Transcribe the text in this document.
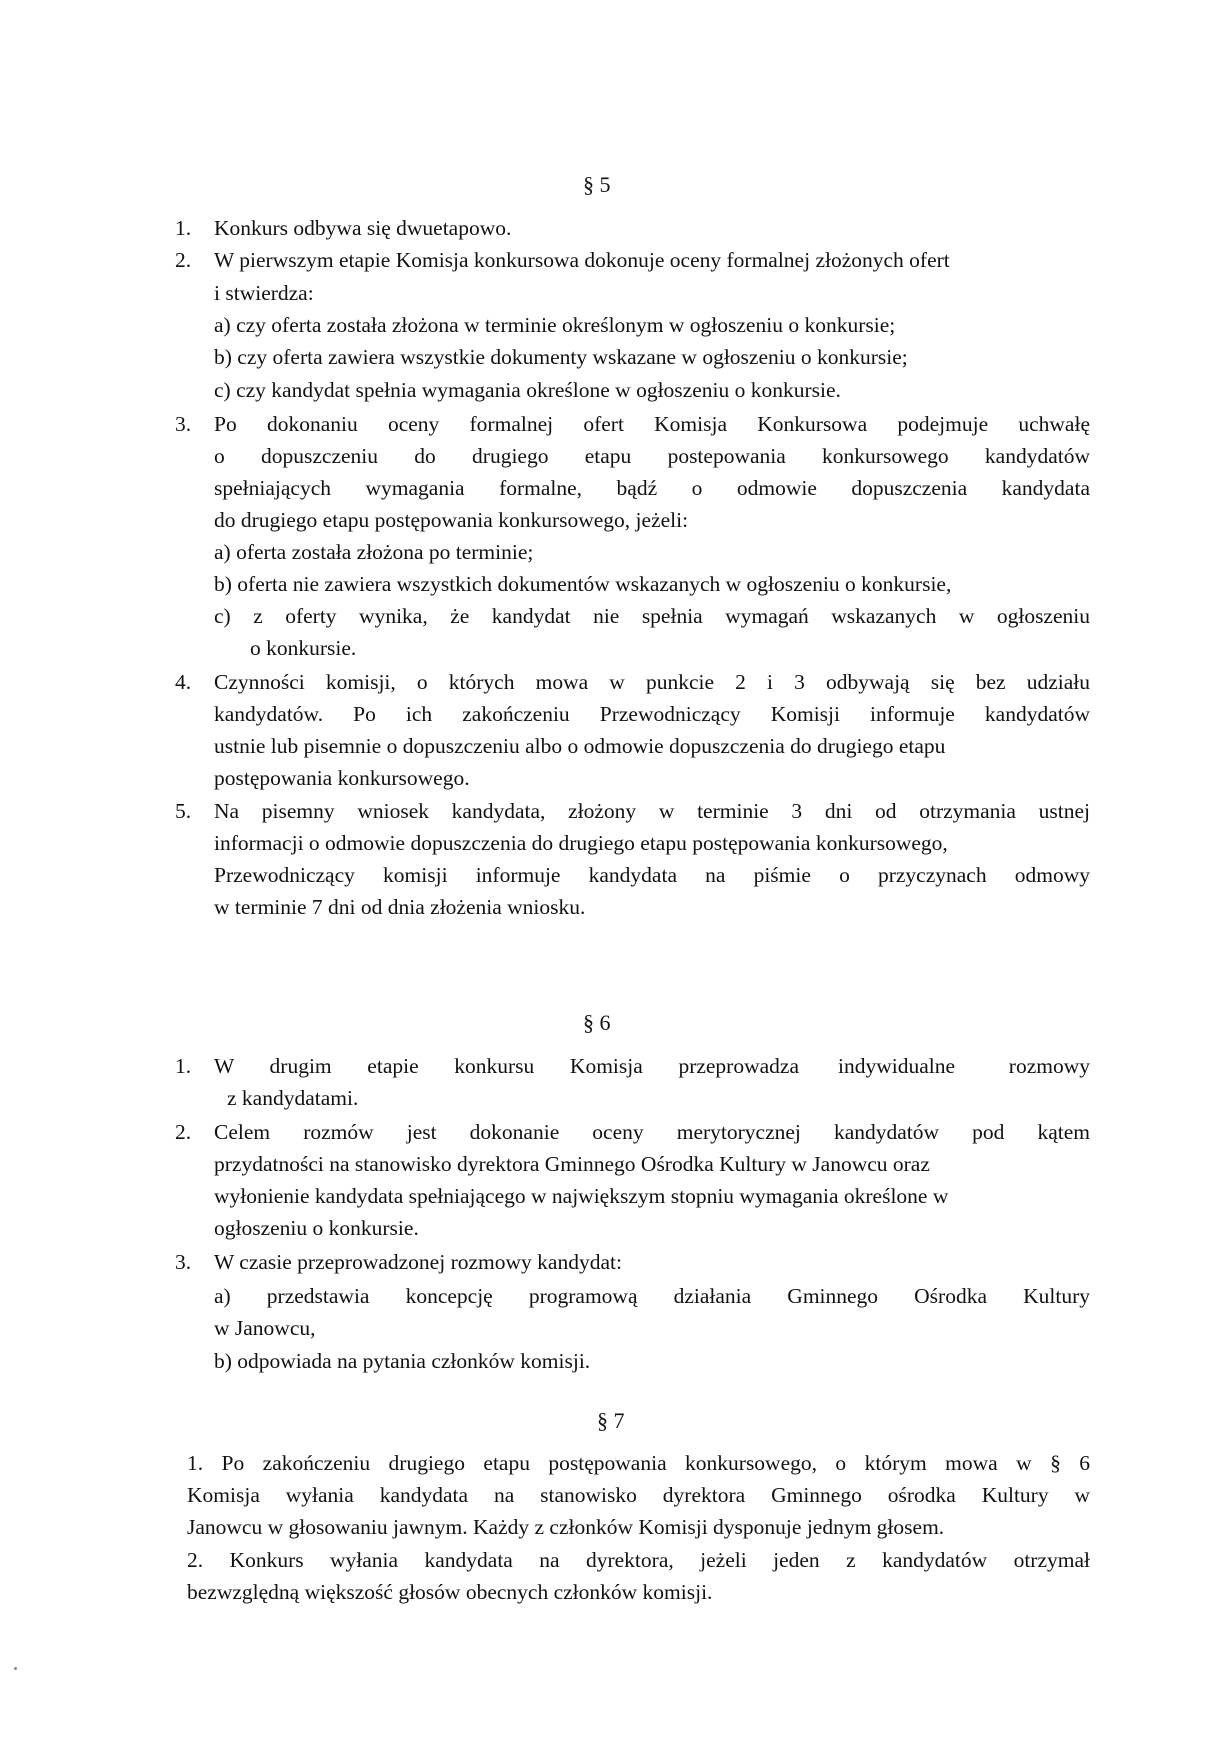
§ 5
1. Konkurs odbywa się dwuetapowo.
2. W pierwszym etapie Komisja konkursowa dokonuje oceny formalnej złożonych ofert
i stwierdza:
a) czy oferta została złożona w terminie określonym w ogłoszeniu o konkursie;
b) czy oferta zawiera wszystkie dokumenty wskazane w ogłoszeniu o konkursie;
c) czy kandydat spełnia wymagania określone w ogłoszeniu o konkursie.
3. Po dokonaniu oceny formalnej ofert Komisja Konkursowa podejmuje uchwałę
o dopuszczeniu do drugiego etapu postepowania konkursowego kandydatów
spełniających wymagania formalne, bądź o odmowie dopuszczenia kandydata
do drugiego etapu postępowania konkursowego, jeżeli:
a) oferta została złożona po terminie;
b) oferta nie zawiera wszystkich dokumentów wskazanych w ogłoszeniu o konkursie,
c) z oferty wynika, że kandydat nie spełnia wymagań wskazanych w ogłoszeniu
o konkursie.
4. Czynności komisji, o których mowa w punkcie 2 i 3 odbywają się bez udziału
kandydatów. Po ich zakończeniu Przewodniczący Komisji informuje kandydatów
ustnie lub pisemnie o dopuszczeniu albo o odmowie dopuszczenia do drugiego etapu
postępowania konkursowego.
5. Na pisemny wniosek kandydata, złożony w terminie 3 dni od otrzymania ustnej
informacji o odmowie dopuszczenia do drugiego etapu postępowania konkursowego,
Przewodniczący komisji informuje kandydata na piśmie o przyczynach odmowy
w terminie 7 dni od dnia złożenia wniosku.
§ 6
1. W drugim etapie konkursu Komisja przeprowadza indywidualne rozmowy
z kandydatami.
2. Celem rozmów jest dokonanie oceny merytorycznej kandydatów pod kątem
przydatności na stanowisko dyrektora Gminnego Ośrodka Kultury w Janowcu oraz
wyłonienie kandydata spełniającego w największym stopniu wymagania określone w
ogłoszeniu o konkursie.
3. W czasie przeprowadzonej rozmowy kandydat:
a) przedstawia koncepcję programową działania Gminnego Ośrodka Kultury
w Janowcu,
b) odpowiada na pytania członków komisji.
§ 7
1. Po zakończeniu drugiego etapu postępowania konkursowego, o którym mowa w § 6
Komisja wyłania kandydata na stanowisko dyrektora Gminnego ośrodka Kultury w
Janowcu w głosowaniu jawnym. Każdy z członków Komisji dysponuje jednym głosem.
2. Konkurs wyłania kandydata na dyrektora, jeżeli jeden z kandydatów otrzymał
bezwzględną większość głosów obecnych członków komisji.
